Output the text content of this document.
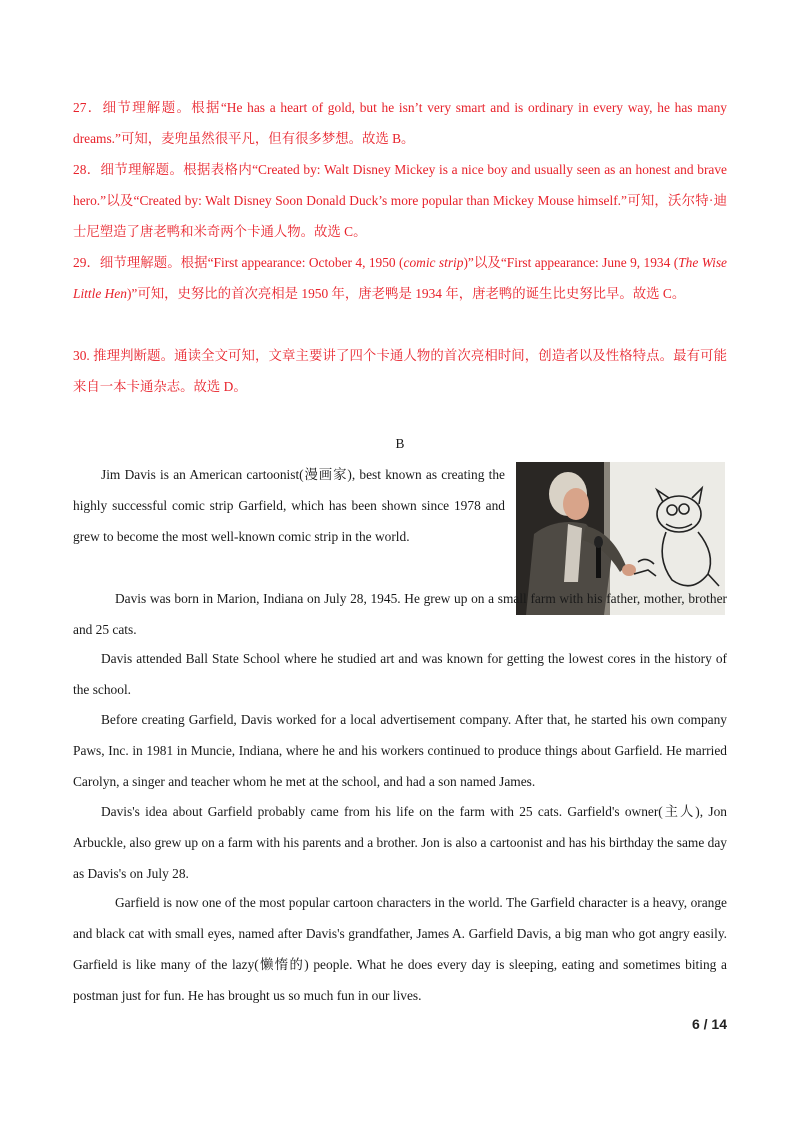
27．细节理解题。根据“He has a heart of gold, but he isn’t very smart and is ordinary in every way, he has many dreams.”可知，麦兜虽然很平凡，但有很多梦想。故选 B。

28．细节理解题。根据表格内“Created by: Walt Disney Mickey is a nice boy and usually seen as an honest and brave hero.”以及“Created by: Walt Disney Soon Donald Duck’s more popular than Mickey Mouse himself.”可知，沃尔特·迪士尼塑造了唐老鸭和米奇两个卡通人物。故选 C。

29．细节理解题。根据“First appearance: October 4, 1950 (comic strip)”以及“First appearance: June 9, 1934 (The Wise Little Hen)”可知，史努比的首次亮相是 1950 年，唐老鸭是 1934 年，唐老鸭的诞生比史努比早。故选 C。

30. 推理判断题。通读全文可知，文章主要讲了四个卡通人物的首次亮相时间，创造者以及性格特点。最有可能来自一本卡通杂志。故选 D。

B

Jim Davis is an American cartoonist(漫画家), best known as creating the highly successful comic strip Garfield, which has been shown since 1978 and grew to become the most well-known comic strip in the world.

Davis was born in Marion, Indiana on July 28, 1945. He grew up on a small farm with his father, mother, brother and 25 cats.

Davis attended Ball State School where he studied art and was known for getting the lowest cores in the history of the school.

Before creating Garfield, Davis worked for a local advertisement company. After that, he started his own company Paws, Inc. in 1981 in Muncie, Indiana, where he and his workers continued to produce things about Garfield. He married Carolyn, a singer and teacher whom he met at the school, and had a son named James.

Davis's idea about Garfield probably came from his life on the farm with 25 cats. Garfield's owner(主人), Jon Arbuckle, also grew up on a farm with his parents and a brother. Jon is also a cartoonist and has his birthday the same day as Davis's on July 28.

Garfield is now one of the most popular cartoon characters in the world. The Garfield character is a heavy, orange and black cat with small eyes, named after Davis's grandfather, James A. Garfield Davis, a big man who got angry easily. Garfield is like many of the lazy(懒惰的) people. What he does every day is sleeping, eating and sometimes biting a postman just for fun. He has brought us so much fun in our lives.

6 / 14
